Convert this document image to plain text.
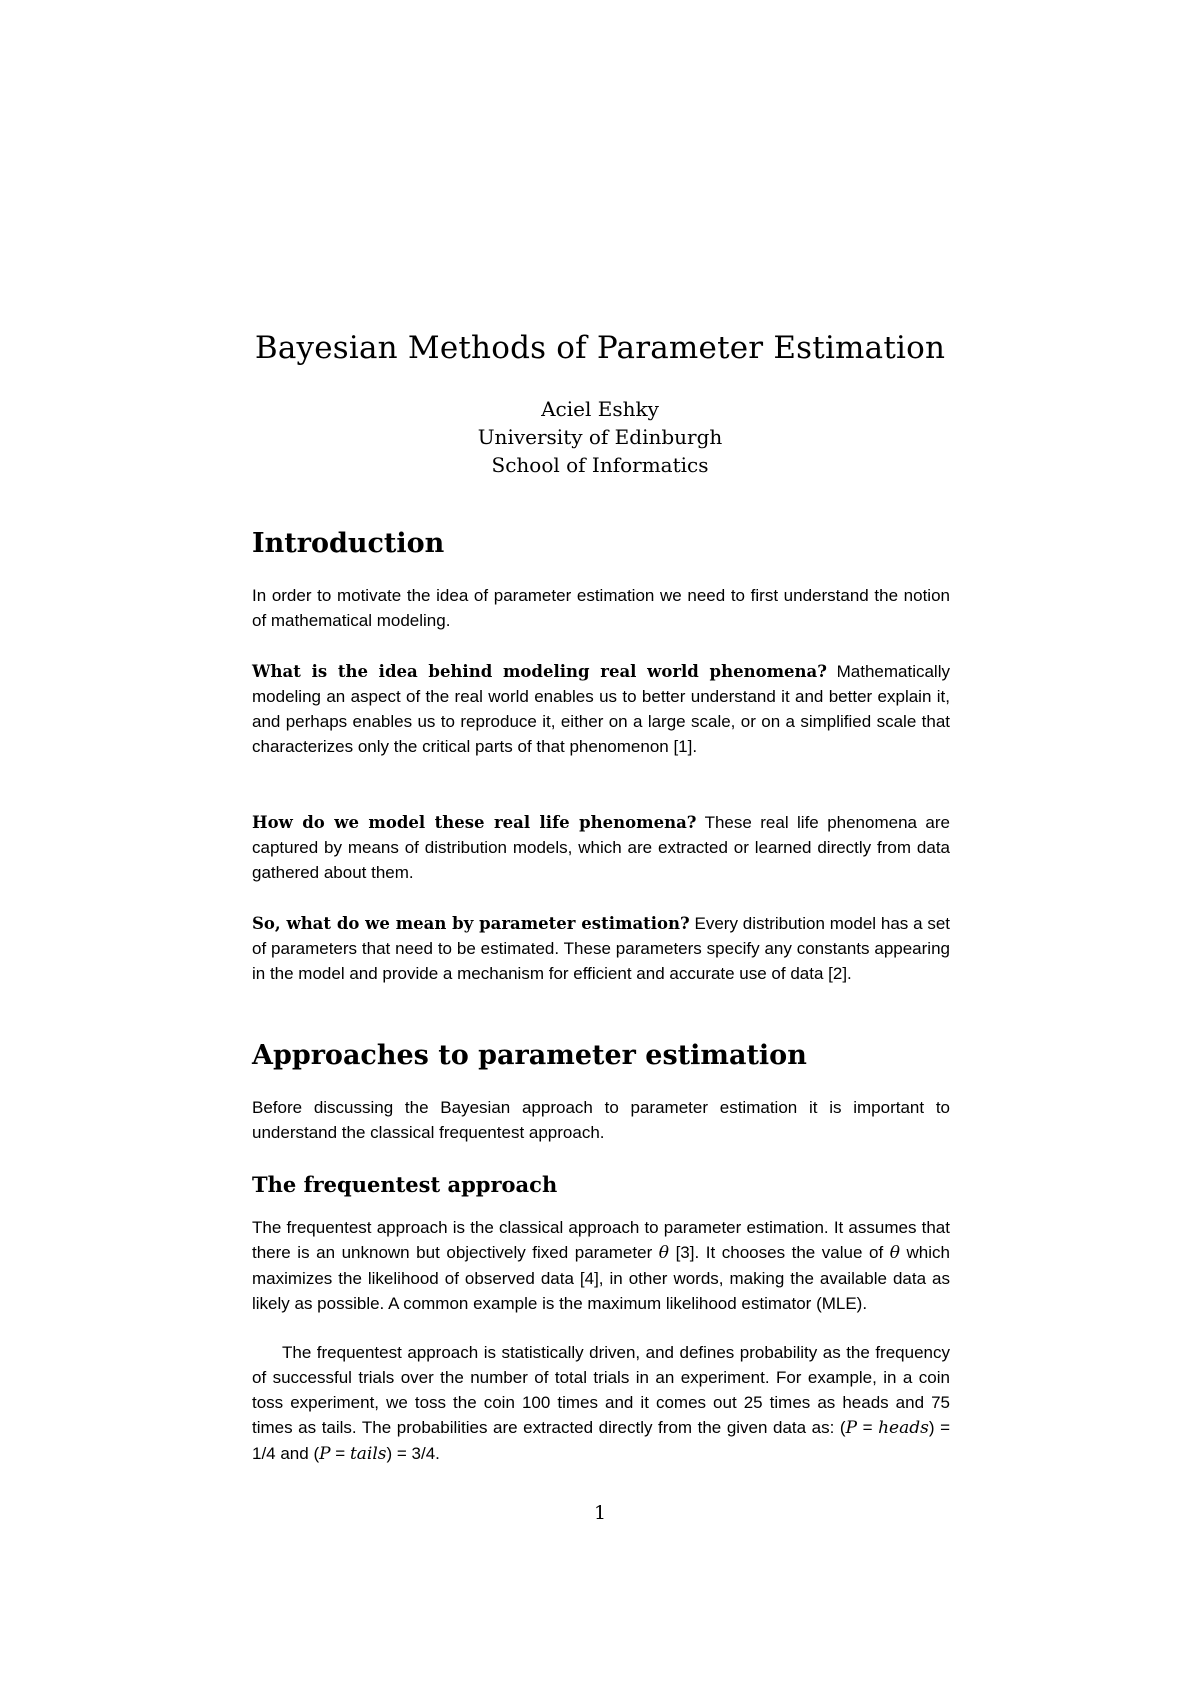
Bayesian Methods of Parameter Estimation
Aciel Eshky
University of Edinburgh
School of Informatics
Introduction

In order to motivate the idea of parameter estimation we need to first understand the notion of mathematical modeling.

What is the idea behind modeling real world phenomena? Mathematically modeling an aspect of the real world enables us to better understand it and better explain it, and perhaps enables us to reproduce it, either on a large scale, or on a simplified scale that characterizes only the critical parts of that phenomenon [1].

How do we model these real life phenomena? These real life phenomena are captured by means of distribution models, which are extracted or learned directly from data gathered about them.

So, what do we mean by parameter estimation? Every distribution model has a set of parameters that need to be estimated. These parameters specify any constants appearing in the model and provide a mechanism for efficient and accurate use of data [2].

Approaches to parameter estimation

Before discussing the Bayesian approach to parameter estimation it is important to understand the classical frequentest approach.

The frequentest approach

The frequentest approach is the classical approach to parameter estimation. It assumes that there is an unknown but objectively fixed parameter θ [3]. It chooses the value of θ which maximizes the likelihood of observed data [4], in other words, making the available data as likely as possible. A common example is the maximum likelihood estimator (MLE).

The frequentest approach is statistically driven, and defines probability as the frequency of successful trials over the number of total trials in an experiment. For example, in a coin toss experiment, we toss the coin 100 times and it comes out 25 times as heads and 75 times as tails. The probabilities are extracted directly from the given data as: (P = heads) = 1/4 and (P = tails) = 3/4.

1
